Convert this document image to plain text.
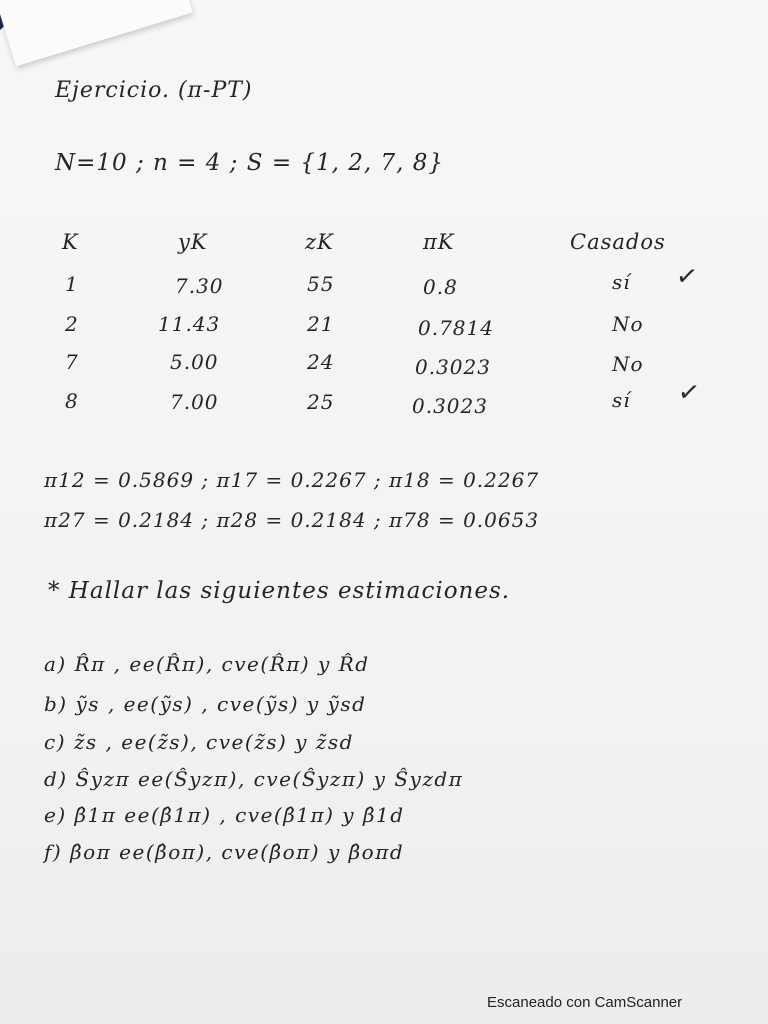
Ejercicio. (π-PT)
N=10 ; n = 4 ; S = {1, 2, 7, 8}
K	yK	zK	πK	Casados
1	7.30	55	0.8	sí ✓
2	11.43	21	0.7814	No
7	5.00	24	0.3023	No
8	7.00	25	0.3023	sí ✓
π12 = 0.5869 ; π17 = 0.2267 ; π18 = 0.2267
π27 = 0.2184 ; π28 = 0.2184 ; π78 = 0.0653
* Hallar las siguientes estimaciones.
a) R̂π , ee(R̂π), cve(R̂π) y R̂d
b) ỹs , ee(ỹs) , cve(ỹs) y ỹsd
c) z̃s , ee(z̃s), cve(z̃s) y z̃sd
d) Ŝyzπ ee(Ŝyzπ), cve(Ŝyzπ) y Ŝyzdπ
e) β̂1π ee(β̂1π) , cve(β̂1π) y β̂1d
f) β̂oπ ee(β̂oπ), cve(β̂oπ) y β̂oπd
Escaneado con CamScanner
